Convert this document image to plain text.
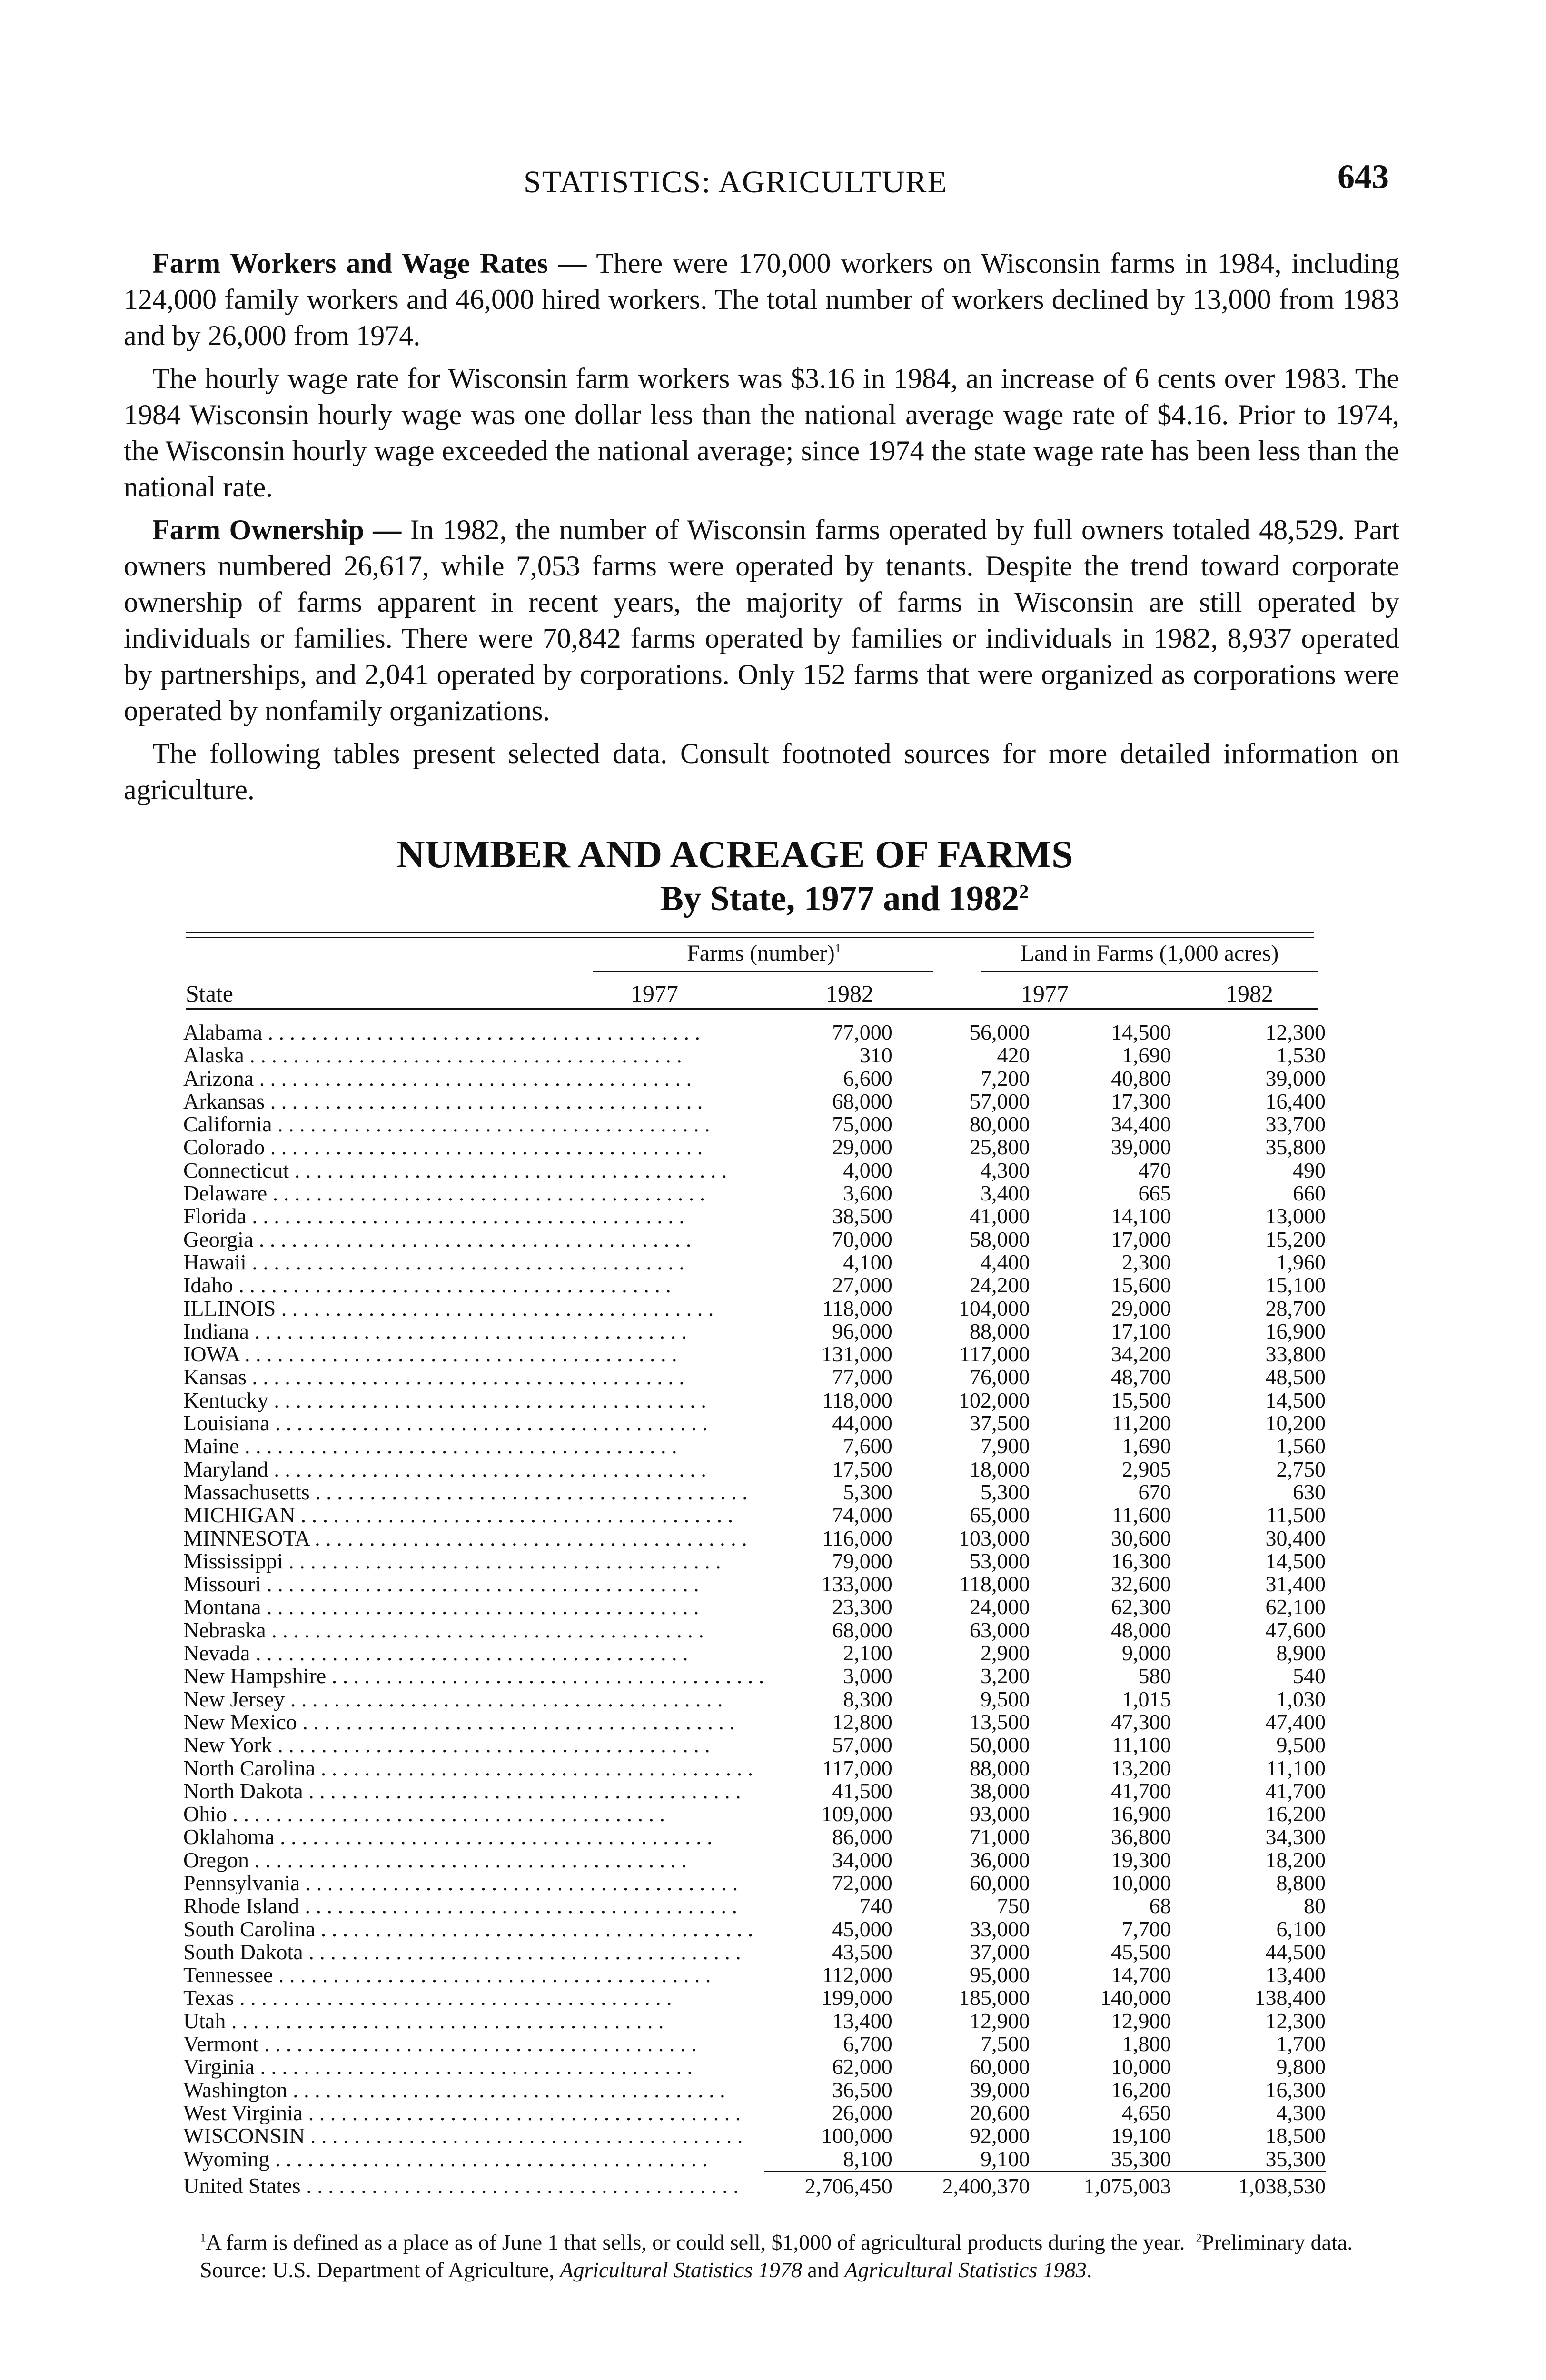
STATISTICS: AGRICULTURE	643

Farm Workers and Wage Rates — There were 170,000 workers on Wisconsin farms in 1984, including 124,000 family workers and 46,000 hired workers. The total number of workers declined by 13,000 from 1983 and by 26,000 from 1974.

The hourly wage rate for Wisconsin farm workers was $3.16 in 1984, an increase of 6 cents over 1983. The 1984 Wisconsin hourly wage was one dollar less than the national average wage rate of $4.16. Prior to 1974, the Wisconsin hourly wage exceeded the national average; since 1974 the state wage rate has been less than the national rate.

Farm Ownership — In 1982, the number of Wisconsin farms operated by full owners totaled 48,529. Part owners numbered 26,617, while 7,053 farms were operated by tenants. Despite the trend toward corporate ownership of farms apparent in recent years, the majority of farms in Wisconsin are still operated by individuals or families. There were 70,842 farms operated by families or individuals in 1982, 8,937 operated by partnerships, and 2,041 operated by corporations. Only 152 farms that were organized as corporations were operated by nonfamily organizations.

The following tables present selected data. Consult footnoted sources for more detailed information on agriculture.

NUMBER AND ACREAGE OF FARMS
By State, 1977 and 1982$^2$
Farms (number)$^1$	Land in Farms (1,000 acres)
State	1977	1982	1977	1982
Alabama . . . . . . . . . . . . . . . . . . . . . . . . . . . . . . . . . . . . . . . .	77,000	56,000	14,500	12,300
Alaska . . . . . . . . . . . . . . . . . . . . . . . . . . . . . . . . . . . . . . . .	310	420	1,690	1,530
Arizona . . . . . . . . . . . . . . . . . . . . . . . . . . . . . . . . . . . . . . . .	6,600	7,200	40,800	39,000
Arkansas . . . . . . . . . . . . . . . . . . . . . . . . . . . . . . . . . . . . . . . .	68,000	57,000	17,300	16,400
California . . . . . . . . . . . . . . . . . . . . . . . . . . . . . . . . . . . . . . . .	75,000	80,000	34,400	33,700
Colorado . . . . . . . . . . . . . . . . . . . . . . . . . . . . . . . . . . . . . . . .	29,000	25,800	39,000	35,800
Connecticut . . . . . . . . . . . . . . . . . . . . . . . . . . . . . . . . . . . . . . . .	4,000	4,300	470	490
Delaware . . . . . . . . . . . . . . . . . . . . . . . . . . . . . . . . . . . . . . . .	3,600	3,400	665	660
Florida . . . . . . . . . . . . . . . . . . . . . . . . . . . . . . . . . . . . . . . .	38,500	41,000	14,100	13,000
Georgia . . . . . . . . . . . . . . . . . . . . . . . . . . . . . . . . . . . . . . . .	70,000	58,000	17,000	15,200
Hawaii . . . . . . . . . . . . . . . . . . . . . . . . . . . . . . . . . . . . . . . .	4,100	4,400	2,300	1,960
Idaho . . . . . . . . . . . . . . . . . . . . . . . . . . . . . . . . . . . . . . . .	27,000	24,200	15,600	15,100
ILLINOIS . . . . . . . . . . . . . . . . . . . . . . . . . . . . . . . . . . . . . . . .	118,000	104,000	29,000	28,700
Indiana . . . . . . . . . . . . . . . . . . . . . . . . . . . . . . . . . . . . . . . .	96,000	88,000	17,100	16,900
IOWA . . . . . . . . . . . . . . . . . . . . . . . . . . . . . . . . . . . . . . . .	131,000	117,000	34,200	33,800
Kansas . . . . . . . . . . . . . . . . . . . . . . . . . . . . . . . . . . . . . . . .	77,000	76,000	48,700	48,500
Kentucky . . . . . . . . . . . . . . . . . . . . . . . . . . . . . . . . . . . . . . . .	118,000	102,000	15,500	14,500
Louisiana . . . . . . . . . . . . . . . . . . . . . . . . . . . . . . . . . . . . . . . .	44,000	37,500	11,200	10,200
Maine . . . . . . . . . . . . . . . . . . . . . . . . . . . . . . . . . . . . . . . .	7,600	7,900	1,690	1,560
Maryland . . . . . . . . . . . . . . . . . . . . . . . . . . . . . . . . . . . . . . . .	17,500	18,000	2,905	2,750
Massachusetts . . . . . . . . . . . . . . . . . . . . . . . . . . . . . . . . . . . . . . . .	5,300	5,300	670	630
MICHIGAN . . . . . . . . . . . . . . . . . . . . . . . . . . . . . . . . . . . . . . . .	74,000	65,000	11,600	11,500
MINNESOTA . . . . . . . . . . . . . . . . . . . . . . . . . . . . . . . . . . . . . . . .	116,000	103,000	30,600	30,400
Mississippi . . . . . . . . . . . . . . . . . . . . . . . . . . . . . . . . . . . . . . . .	79,000	53,000	16,300	14,500
Missouri . . . . . . . . . . . . . . . . . . . . . . . . . . . . . . . . . . . . . . . .	133,000	118,000	32,600	31,400
Montana . . . . . . . . . . . . . . . . . . . . . . . . . . . . . . . . . . . . . . . .	23,300	24,000	62,300	62,100
Nebraska . . . . . . . . . . . . . . . . . . . . . . . . . . . . . . . . . . . . . . . .	68,000	63,000	48,000	47,600
Nevada . . . . . . . . . . . . . . . . . . . . . . . . . . . . . . . . . . . . . . . .	2,100	2,900	9,000	8,900
New Hampshire . . . . . . . . . . . . . . . . . . . . . . . . . . . . . . . . . . . . . . . .	3,000	3,200	580	540
New Jersey . . . . . . . . . . . . . . . . . . . . . . . . . . . . . . . . . . . . . . . .	8,300	9,500	1,015	1,030
New Mexico . . . . . . . . . . . . . . . . . . . . . . . . . . . . . . . . . . . . . . . .	12,800	13,500	47,300	47,400
New York . . . . . . . . . . . . . . . . . . . . . . . . . . . . . . . . . . . . . . . .	57,000	50,000	11,100	9,500
North Carolina . . . . . . . . . . . . . . . . . . . . . . . . . . . . . . . . . . . . . . . .	117,000	88,000	13,200	11,100
North Dakota . . . . . . . . . . . . . . . . . . . . . . . . . . . . . . . . . . . . . . . .	41,500	38,000	41,700	41,700
Ohio . . . . . . . . . . . . . . . . . . . . . . . . . . . . . . . . . . . . . . . .	109,000	93,000	16,900	16,200
Oklahoma . . . . . . . . . . . . . . . . . . . . . . . . . . . . . . . . . . . . . . . .	86,000	71,000	36,800	34,300
Oregon . . . . . . . . . . . . . . . . . . . . . . . . . . . . . . . . . . . . . . . .	34,000	36,000	19,300	18,200
Pennsylvania . . . . . . . . . . . . . . . . . . . . . . . . . . . . . . . . . . . . . . . .	72,000	60,000	10,000	8,800
Rhode Island . . . . . . . . . . . . . . . . . . . . . . . . . . . . . . . . . . . . . . . .	740	750	68	80
South Carolina . . . . . . . . . . . . . . . . . . . . . . . . . . . . . . . . . . . . . . . .	45,000	33,000	7,700	6,100
South Dakota . . . . . . . . . . . . . . . . . . . . . . . . . . . . . . . . . . . . . . . .	43,500	37,000	45,500	44,500
Tennessee . . . . . . . . . . . . . . . . . . . . . . . . . . . . . . . . . . . . . . . .	112,000	95,000	14,700	13,400
Texas . . . . . . . . . . . . . . . . . . . . . . . . . . . . . . . . . . . . . . . .	199,000	185,000	140,000	138,400
Utah . . . . . . . . . . . . . . . . . . . . . . . . . . . . . . . . . . . . . . . .	13,400	12,900	12,900	12,300
Vermont . . . . . . . . . . . . . . . . . . . . . . . . . . . . . . . . . . . . . . . .	6,700	7,500	1,800	1,700
Virginia . . . . . . . . . . . . . . . . . . . . . . . . . . . . . . . . . . . . . . . .	62,000	60,000	10,000	9,800
Washington . . . . . . . . . . . . . . . . . . . . . . . . . . . . . . . . . . . . . . . .	36,500	39,000	16,200	16,300
West Virginia . . . . . . . . . . . . . . . . . . . . . . . . . . . . . . . . . . . . . . . .	26,000	20,600	4,650	4,300
WISCONSIN . . . . . . . . . . . . . . . . . . . . . . . . . . . . . . . . . . . . . . . .	100,000	92,000	19,100	18,500
Wyoming . . . . . . . . . . . . . . . . . . . . . . . . . . . . . . . . . . . . . . . .	8,100	9,100	35,300	35,300
United States . . . . . . . . . . . . . . . . . . . . . . . . . . . . . . . . . . . . . . . .	2,706,450	2,400,370	1,075,003	1,038,530

$^1$A farm is defined as a place as of June 1 that sells, or could sell, $1,000 of agricultural products during the year. $^2$Preliminary data.

Source: U.S. Department of Agriculture, Agricultural Statistics 1978 and Agricultural Statistics 1983.
